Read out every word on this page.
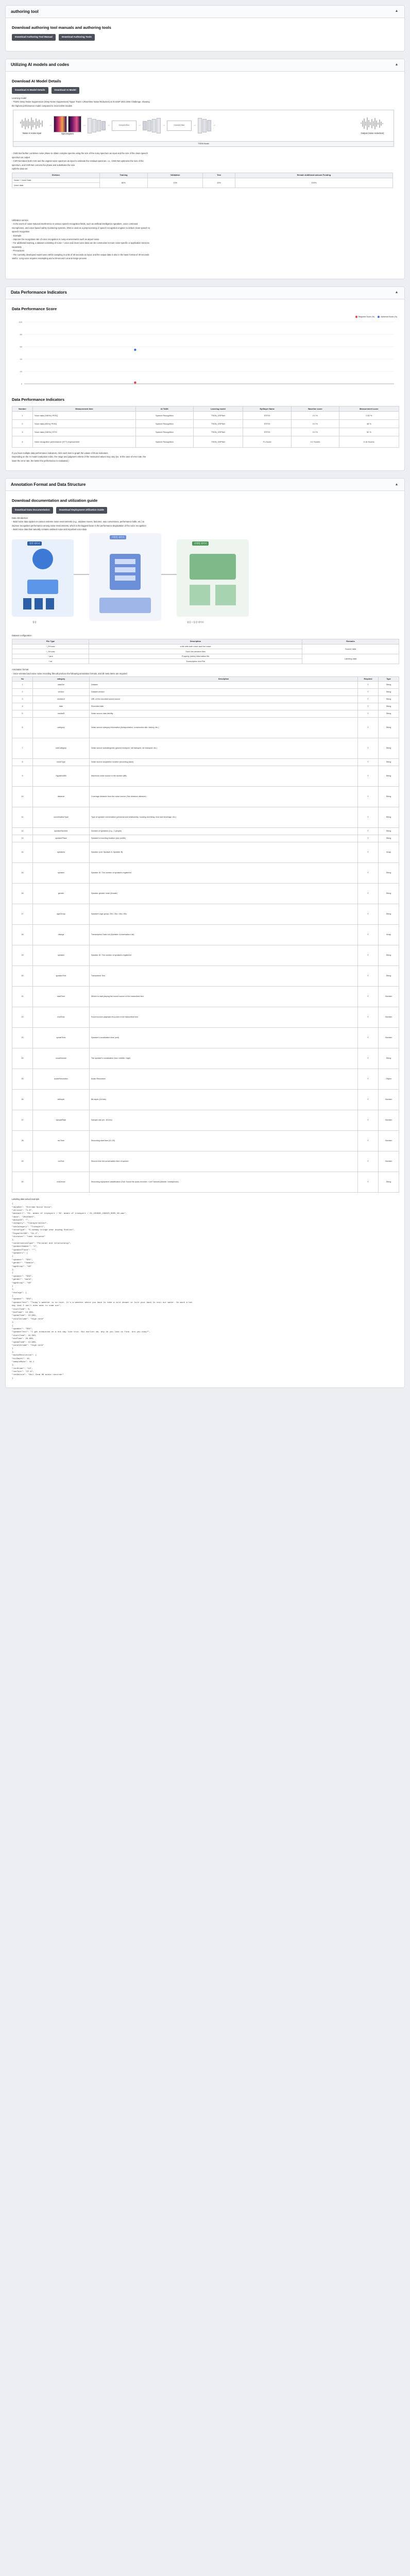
authoring tool	▲
Download authoring tool manuals and authoring tools
Download Authoring Tool Manual	Download Authoring Tools
Utilizing AI models and codes	▲
Download AI Model Details
Download AI Model Details	Download AI Model

Learning model

- TSDN: Deep Noise Suppression (Deep Noise Suppression) 'hippo' Track 1 (Real-time Noise Reduction) at ICASSP 2021 DNS Challenge, showing

the highest performance model compared to recent DNS models

Noise in noise input
→
Spectrogram
→	→	Conv2d Enc	→	→	Conv2d Dec	→	→
Output (noise reduction)
TSDN Model

- CMG-Net further combines noise phase to obtain complex spectra using the size of the noisy spectrum as input and the size of the clean speech

spectrum as output

- CSR-Net takes both CSS and the original noise spectrum as input to estimate the residual spectrum, i.e., CMG-Net optimizes the size of the

spectrum, and CSR-Net corrects the phase and substitutes the size

Split the data set

Division	Training	Validation	Test	Remain Additional amount Funding
Noise + Voice Data	80%	10%	10%	100%
Voice data				

Utilization service

- In the event of noise-induced interference in various speech recognition fields, such as artificial intelligence speakers, voice command

microphones, and voice-based safety monitoring systems, DNS is used as a preprocessing of speech recognition engines to deliver clean speech to

speech recognition

- Example

- Improve the recognition rate of voice recognition in noisy environments such as airport noise

- For additional learning, a dataset consisting of noise + voice and clean voice data can be constructed to train noise-specific or application services

separately

- Precautions

- The currently developed model uses 16Khz sampling in units of 30 seconds as input, and the output data is also in the basic format of 30 seconds

16Khz. Long voice requires resampling and a 30-second cut and merge process

Data Performance Indicators	▲
Data Performance Score
Required Score (%)	Achieved Score (%)
0
20
40
60
80
100
Data Performance Indicators
Number	Measurement item	AI TASK	Learning model	EpiSayer Name	Baseline score	Measurement score
1	Voice data (16KHz) PESQ	Speech Recognition	TSDN_DSPNet	ESTOI	2.0 %	2.82 %
2	Voice data (8KHz) PESQ	Speech Recognition	TSDN_DSPNet	ESTOI	0.0 %	48 %
3	Voice data (16KHz) STOI	Speech Recognition	TSDN_DSPNet	ESTOI	0.0 %	52 %
4	Voice recognition performance (STT) improvement	Speech Recognition	TSDN_DSPNet	F1-Score	0.2 Scores	0.16 Scores

If you have multiple data performance indicators, click each item to graph the values of those indicators

Depending on the AI model evaluation index, the range and judgment criteria of the measured values may vary (ex. In the case of error rate, the

lower the error rate, the better the performance is evaluated.)

Annotation Format and Data Structure	▲
Download documentation and utilization guide
Download Data Documentation	Download Deployment Utilization Guide

Data introduction

- Build noise data spoken in various extreme noise environments (e.g., airplane moves, factories, auto conversions, performance halls, etc.) to

improve recognition performance among noise environments, which is the biggest factor in the performance degradation of the voice recognition

- Build voice data that naturally contains ambient noise and important voice data

원천 데이터
비원천 데이터
라벨링 데이터
잡음	잡음 + 음성 데이터
Dataset configuration
File Type	Description	Remarks
*_PH.wav	a file with both voice and live noise	Source data
*_SH.wav	Such live ambient files	
*.json	Property (meta) information file	Labeling data
*.txt	Transcription text File	

Annotation format

- Voice-oriented and voice noise recording files all produce the following annotation formats, and all meta items are required

No	category	Description	Required	Type
1	dataSet	Dataset	Y	String
2	version	Dataset version	Y	String
3	mediaUrl	URL of the recorded sound source	Y	String
4	date	Recorded date	Y	String
5	mediaID	Noise source data identity	Y	String
6	category	Noise source category information (transportation, construction site, factory, etc.)	Y	String
7	subCategory	Noise source subcategories (ground transport, rail transport, air transport, etc.)	Y	String
8	noiseType	Noise source acquisition location (recording place)	Y	String
9	SignalVolDB	Maximum noise source in the section (dB)	Y	String
10	distance	Coverage distance from the noise source (See distance distance)	Y	String
11	conversationType	Type of speaker conversation (personal and relationship, housing and living, food and beverage, etc.)	Y	String
12	speakerNumber	Number of speakers (e.g., 2 people)	Y	String
13	speakerPlace	Speaker's recording location (see profile)	Y	String
14	speakers	Speaker (List: Speaker A, Speaker B)	Y	Array
15	speaker	Speaker ID: The number of speakers registered	Y	String
16	gender	Speaker gender: male (female)	Y	String
17	ageGroup	Speaker's age group: 20s / 30s / 40s / 50s	Y	String
18	dialogs	Transcription Data List (Speaker Conversation List)	Y	Array
19	speaker	Speaker ID: The number of speakers registered	Y	String
20	speakerText	Transcribed Text	Y	String
21	startTime	Where to start playing the sound source of the transcribed text	Y	Number
22	endTime	Sound source playback end point of the transcribed text	Y	Number
23	speakTime	Speaker's vocalization time (unit)	Y	Number
24	vocalVolume	The speaker's vocalization (low / middle / high)	Y	String
25	audioResolution	Audio Resolution	Y	Object
26	bitDepth	Bit depth (16 bits)	Y	Number
27	sampleRate	Sample rate (ex: 16 kHz)	Y	Number
28	recTime	Recording start time (01-25)	Y	Number
29	recText	Record time full conversation time of speech	Y	Number
30	recDevice	Recording equipment classification (Soil: Sound file audio recorder / Lotl Transmit (Mobile / smartphone)	Y	String
Labeling data actual example
{
"dataSet": "Extreme Noise Voice",
"version": "1.0",
"mediaUrl": "01. means of transport / 02. means of transport / 01_103030_230623_0005_VN.wav",
"date": "20220623",
"mediaID": "",
"category": "Transportation",
"subCategory": "Transport",
"noiseType": "S-subway bridge near Anyang Station",
"SignalVolDB": "91.2",
"distance": "near distance"
},
"conversationType": "Personal and relationship",
"speakerNumber": "2",
"speakerPlace": """,
"speakers": [
{
"speaker": "S01",
"gender": "female",
"ageGroup": "40"
},
{
"speaker": "S02",
"gender": "male",
"ageGroup": "40"
}
],
"dialogs": [
{
"speaker": "S02",
"speakerText": "Today's weather is so nice. It's a weather where you have to take a cold shower or turn your back to cool our water. So much a hot
day that I don't even want to come out",
"startTime": 0,
"endTime": 13.909,
"speakTime": 13.909,
"vocalVolume": "High note"
},
{
"speaker": "S01",
"speakerText": "I get exhausted on a hot day like this. But earlier me, why do you look so fine. Are you okay?",
"startTime": 16.303,
"endTime": 29.909,
"speakTime": 13.906,
"vocalVolume": "High note"
}
},
"audioResolution": {
"bitDepth": 16,
"sampleRate": 44.1
},
"recStime": "14",
"recText": "27.6",
"recDevice": "Soil Zoom H6 audio recorder"
}
